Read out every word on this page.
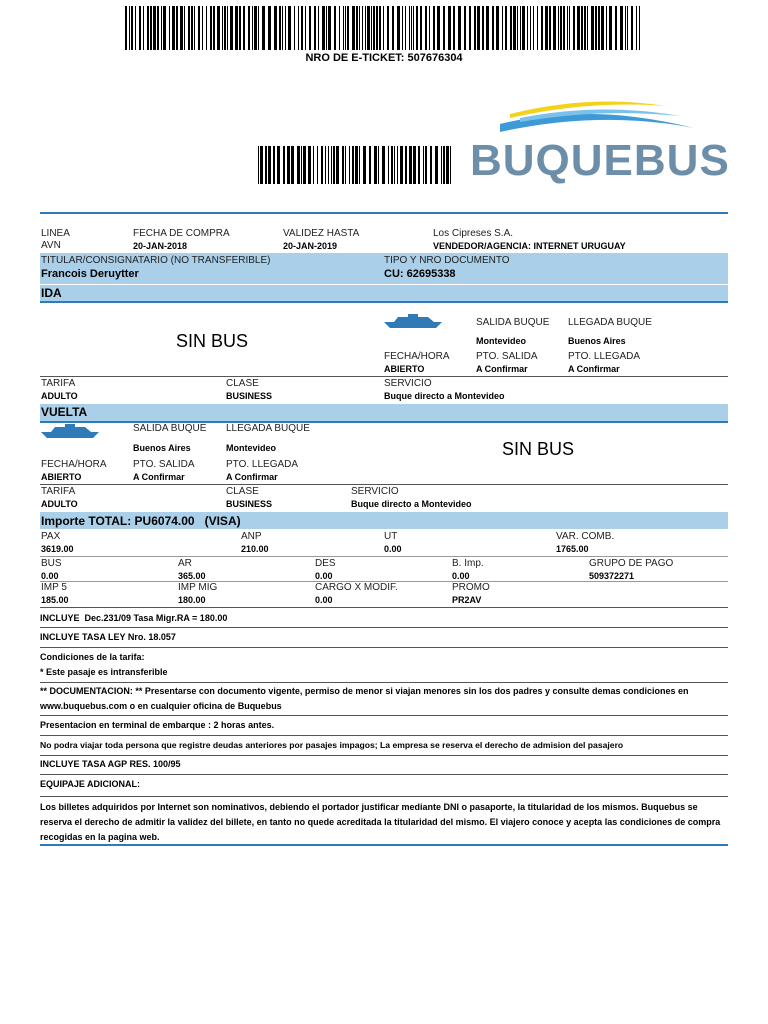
NRO DE E-TICKET: 507676304
BUQUEBUS
LINEA
AVN
FECHA DE COMPRA
20-JAN-2018
VALIDEZ HASTA
20-JAN-2019
Los Cipreses S.A.
VENDEDOR/AGENCIA: INTERNET URUGUAY
TITULAR/CONSIGNATARIO (NO TRANSFERIBLE)
Francois Deruytter
TIPO Y NRO DOCUMENTO
CU: 62695338
IDA
SIN BUS
SALIDA BUQUE
Montevideo
LLEGADA BUQUE
Buenos Aires
FECHA/HORA
ABIERTO
PTO. SALIDA
A Confirmar
PTO. LLEGADA
A Confirmar
TARIFA
ADULTO
CLASE
BUSINESS
SERVICIO
Buque directo a Montevideo
VUELTA
SALIDA BUQUE
Buenos Aires
LLEGADA BUQUE
Montevideo	SIN BUS
FECHA/HORA
ABIERTO
PTO. SALIDA
A Confirmar
PTO. LLEGADA
A Confirmar
TARIFA
ADULTO
CLASE
BUSINESS
SERVICIO
Buque directo a Montevideo
Importe TOTAL: PU6074.00   (VISA)
PAX
3619.00
ANP
210.00
UT
0.00
VAR. COMB.
1765.00
BUS
0.00
AR
365.00
DES
0.00
B. Imp.
0.00
GRUPO DE PAGO
509372271
IMP 5
185.00
IMP MIG
180.00
CARGO X MODIF.
0.00
PROMO
PR2AV
INCLUYE  Dec.231/09 Tasa Migr.RA = 180.00
INCLUYE TASA LEY Nro. 18.057
Condiciones de la tarifa:
* Este pasaje es intransferible
** DOCUMENTACION: ** Presentarse con documento vigente, permiso de menor si viajan menores sin los dos padres y consulte demas condiciones en www.buquebus.com o en cualquier oficina de Buquebus
Presentacion en terminal de embarque : 2 horas antes.
No podra viajar toda persona que registre deudas anteriores por pasajes impagos; La empresa se reserva el derecho de admision del pasajero
INCLUYE TASA AGP RES. 100/95
EQUIPAJE ADICIONAL:
Los billetes adquiridos por Internet son nominativos, debiendo el portador justificar mediante DNI o pasaporte, la titularidad de los mismos. Buquebus se reserva el derecho de admitir la validez del billete, en tanto no quede acreditada la titularidad del mismo. El viajero conoce y acepta las condiciones de compra recogidas en la pagina web.
